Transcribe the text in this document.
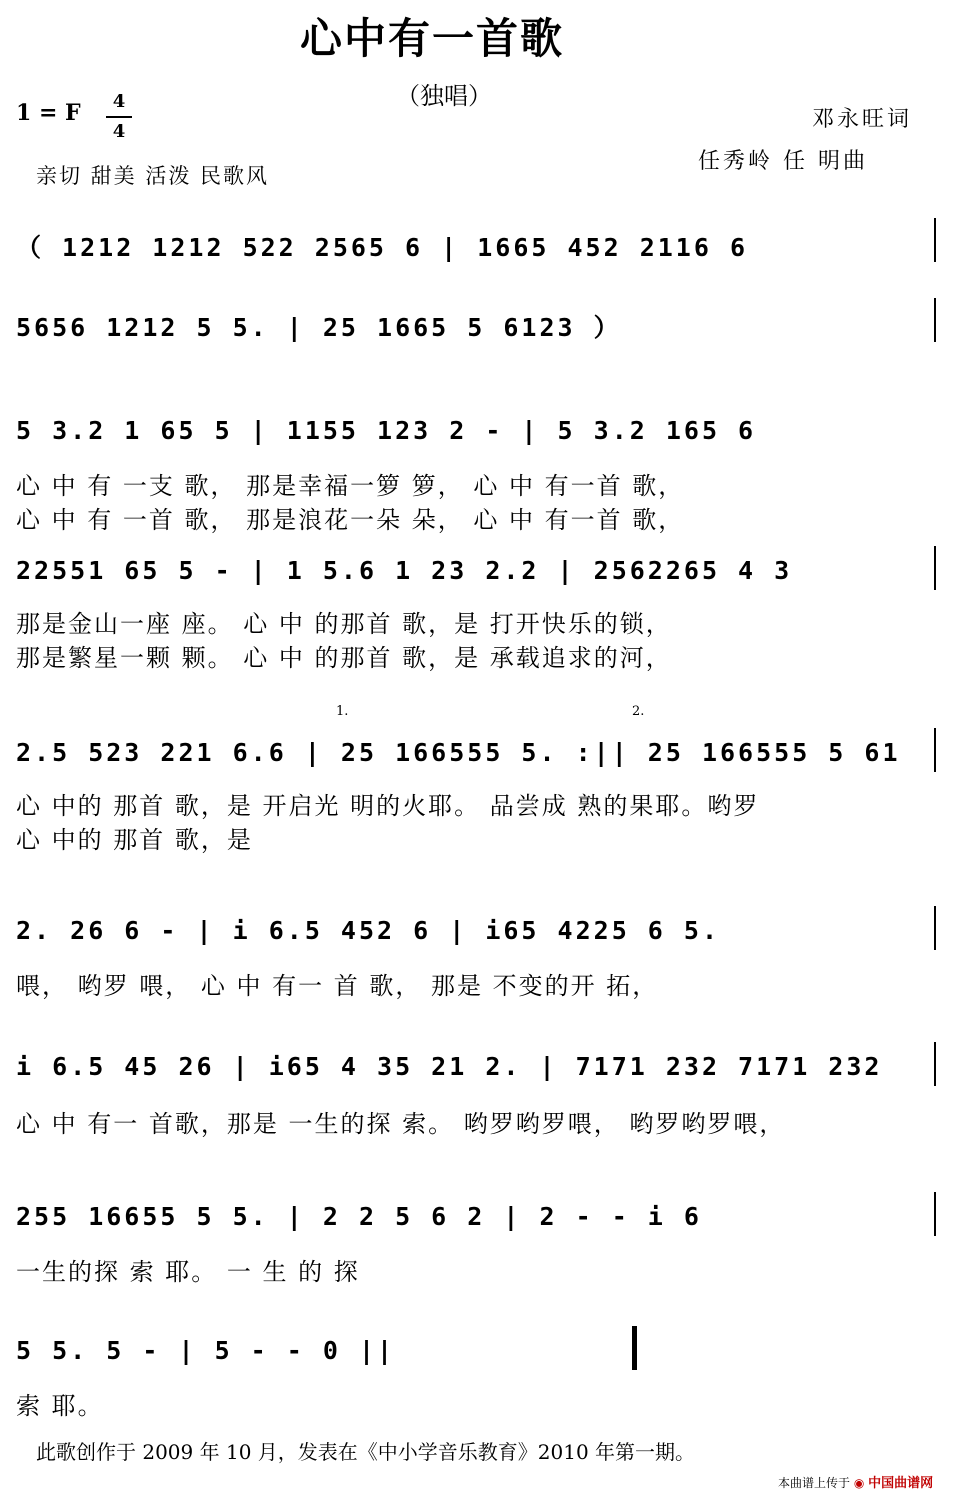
心中有一首歌
（独唱）
1 = F	4
4
亲切 甜美 活泼 民歌风
邓永旺词
任秀岭 任 明曲
（ 1212 1212 522 2565 6 | 1665 452 2116 6
5656 1212 5 5. | 25 1665 5 6123 ）
5 3.2 1 65 5 | 1155 123 2 - | 5 3.2 165 6
心 中 有 一支 歌， 那是幸福一箩 箩， 心 中 有一首 歌，
心 中 有 一首 歌， 那是浪花一朵 朵， 心 中 有一首 歌，
22551 65 5 - | 1 5.6 1 23 2.2 | 2562265 4 3
那是金山一座 座。 心 中 的那首 歌，是 打开快乐的锁，
那是繁星一颗 颗。 心 中 的那首 歌，是 承载追求的河，
1.	2.
2.5 523 221 6.6 | 25 166555 5. :|| 25 166555 5 61
心 中的 那首 歌，是 开启光 明的火耶。 品尝成 熟的果耶。哟罗
心 中的 那首 歌，是
2. 26 6 - | i 6.5 452 6 | i65 4225 6 5.
喂， 哟罗 喂， 心 中 有一 首 歌， 那是 不变的开 拓，
i 6.5 45 26 | i65 4 35 21 2. | 7171 232 7171 232
心 中 有一 首歌，那是 一生的探 索。 哟罗哟罗喂， 哟罗哟罗喂，
255 16655 5 5. | 2 2 5 6 2 | 2 - - i 6
一生的探 索 耶。 一 生 的 探
5 5. 5 - | 5 - - 0 ||
索 耶。
此歌创作于 2009 年 10 月，发表在《中小学音乐教育》2010 年第一期。
本曲谱上传于 ◉ 中国曲谱网
